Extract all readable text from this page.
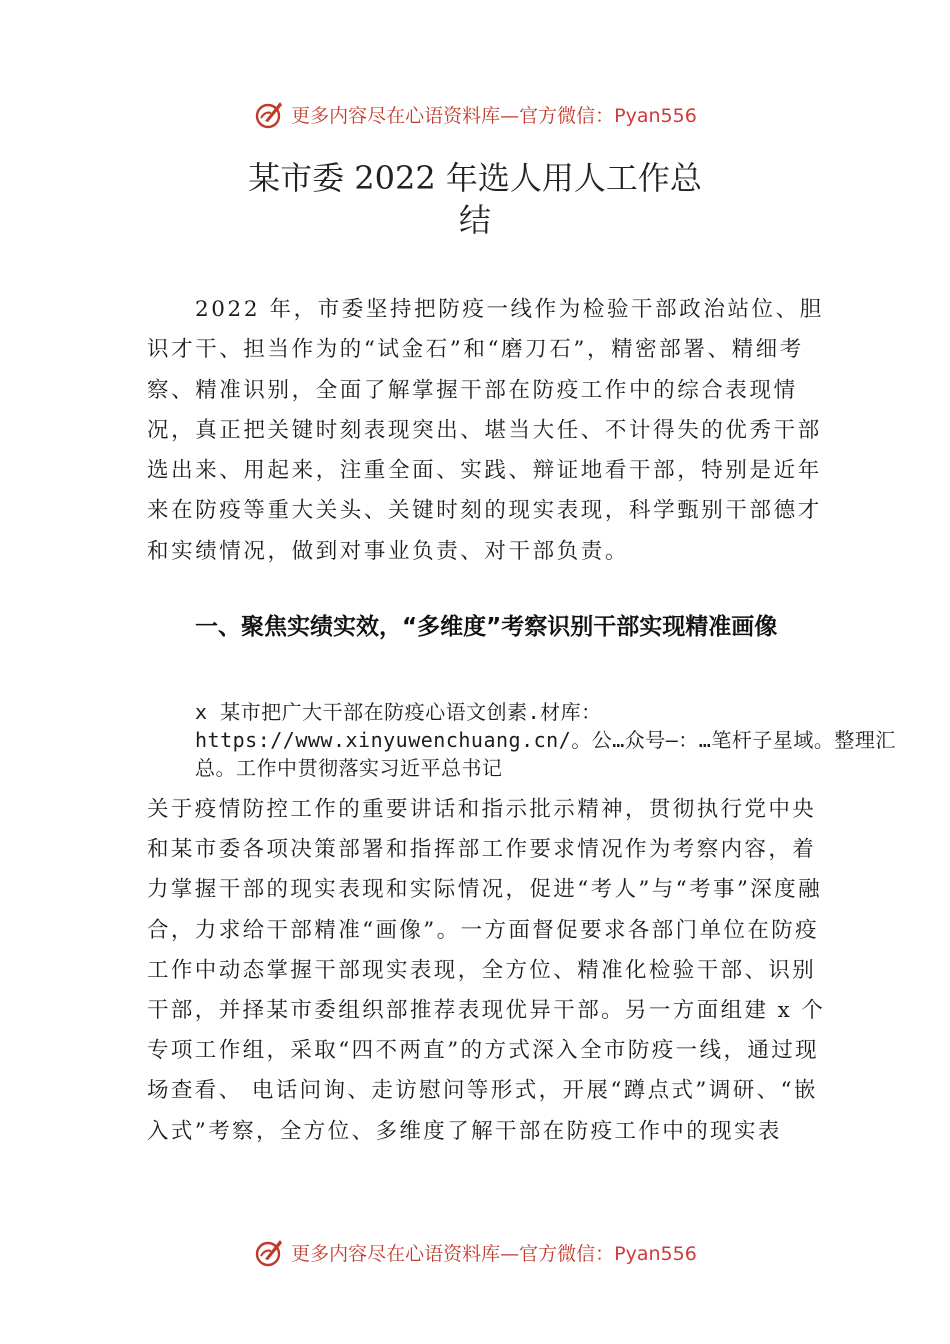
更多内容尽在心语资料库—官方微信：Pyan556
某市委 2022 年选人用人工作总
结

2022 年，市委坚持把防疫一线作为检验干部政治站位、胆识才干、担当作为的“试金石”和“磨刀石”，精密部署、精细考察、精准识别，全面了解掌握干部在防疫工作中的综合表现情况，真正把关键时刻表现突出、堪当大任、不计得失的优秀干部选出来、用起来，注重全面、实践、辩证地看干部，特别是近年来在防疫等重大关头、关键时刻的现实表现，科学甄别干部德才和实绩情况，做到对事业负责、对干部负责。

一、聚焦实绩实效，“多维度”考察识别干部实现精准画像

x 某市把广大干部在防疫心语文创素.材库：https://www.xinyuwenchuang.cn/。公…众号—：…笔杆子星域。整理汇总。工作中贯彻落实习近平总书记

关于疫情防控工作的重要讲话和指示批示精神，贯彻执行党中央和某市委各项决策部署和指挥部工作要求情况作为考察内容，着力掌握干部的现实表现和实际情况，促进“考人”与“考事”深度融合，力求给干部精准“画像”。一方面督促要求各部门单位在防疫工作中动态掌握干部现实表现，全方位、精准化检验干部、识别干部，并择某市委组织部推荐表现优异干部。另一方面组建 x 个专项工作组，采取“四不两直”的方式深入全市防疫一线，通过现场查看、 电话问询、走访慰问等形式，开展“蹲点式”调研、“嵌入式”考察，全方位、多维度了解干部在防疫工作中的现实表

更多内容尽在心语资料库—官方微信：Pyan556
